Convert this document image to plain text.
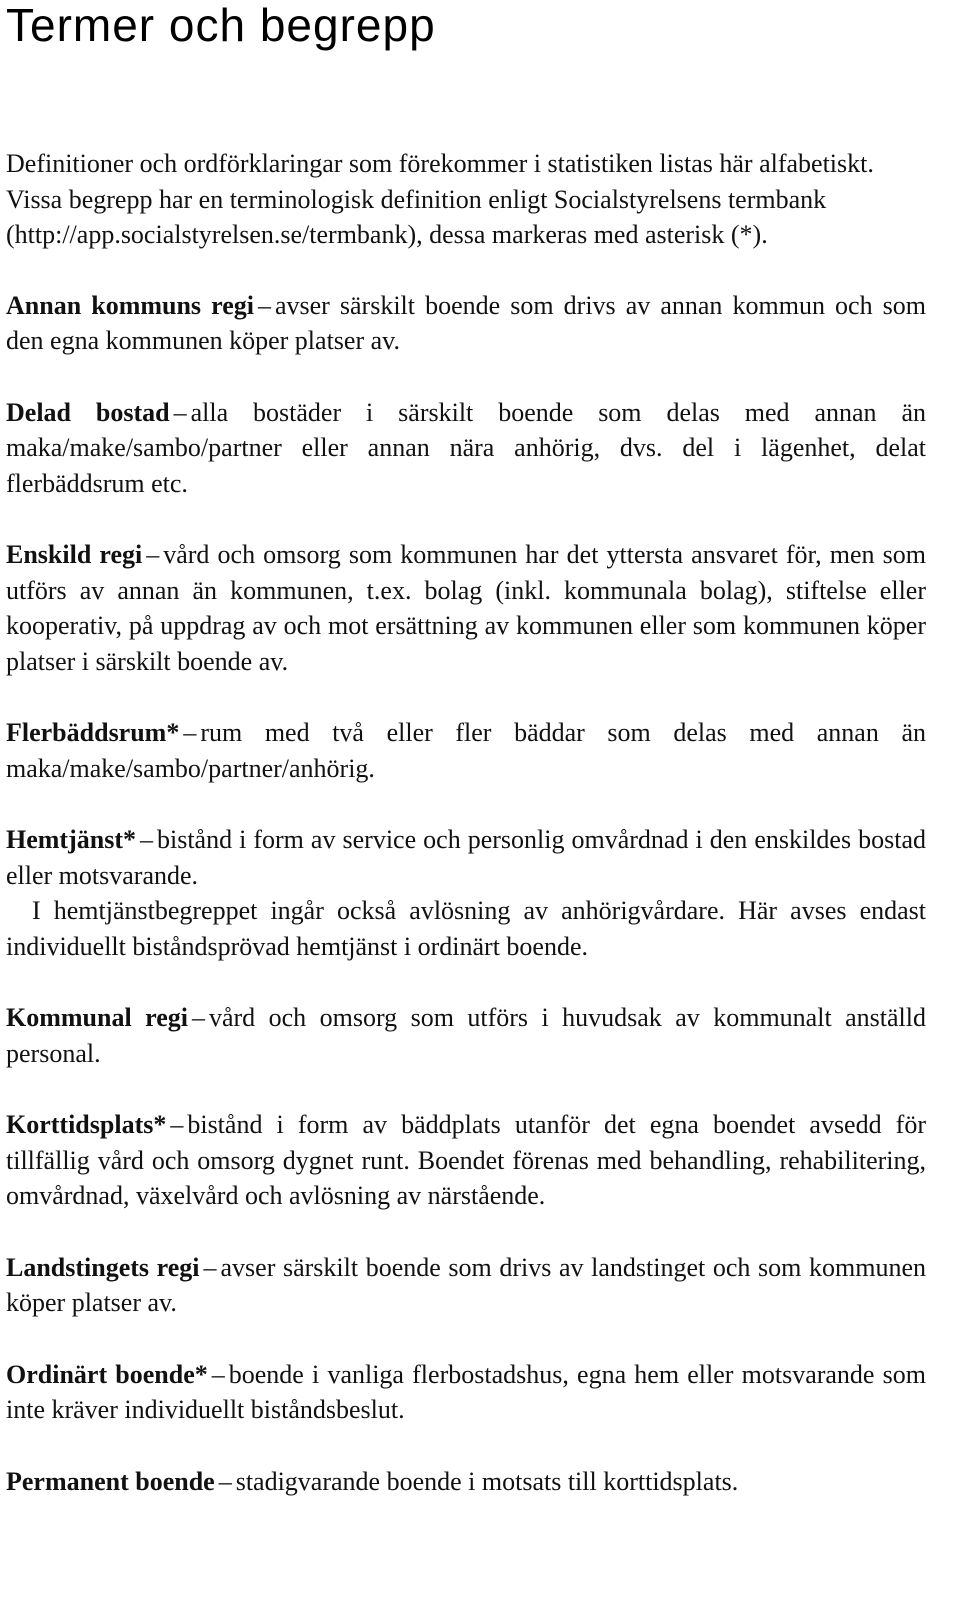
Termer och begrepp

Definitioner och ordförklaringar som förekommer i statistiken listas här alfabetiskt. Vissa begrepp har en terminologisk definition enligt Socialstyrelsens termbank (http://app.socialstyrelsen.se/termbank), dessa markeras med asterisk (*).

Annan kommuns regi – avser särskilt boende som drivs av annan kommun och som den egna kommunen köper platser av.

Delad bostad – alla bostäder i särskilt boende som delas med annan än maka/make/sambo/partner eller annan nära anhörig, dvs. del i lägenhet, delat flerbäddsrum etc.

Enskild regi – vård och omsorg som kommunen har det yttersta ansvaret för, men som utförs av annan än kommunen, t.ex. bolag (inkl. kommunala bolag), stiftelse eller kooperativ, på uppdrag av och mot ersättning av kommunen eller som kommunen köper platser i särskilt boende av.

Flerbäddsrum* – rum med två eller fler bäddar som delas med annan än maka/make/sambo/partner/anhörig.

Hemtjänst* – bistånd i form av service och personlig omvårdnad i den enskildes bostad eller motsvarande.
I hemtjänstbegreppet ingår också avlösning av anhörigvårdare. Här avses endast individuellt biståndsprövad hemtjänst i ordinärt boende.

Kommunal regi – vård och omsorg som utförs i huvudsak av kommunalt anställd personal.

Korttidsplats* – bistånd i form av bäddplats utanför det egna boendet avsedd för tillfällig vård och omsorg dygnet runt. Boendet förenas med behandling, rehabilitering, omvårdnad, växelvård och avlösning av närstående.

Landstingets regi – avser särskilt boende som drivs av landstinget och som kommunen köper platser av.

Ordinärt boende* – boende i vanliga flerbostadshus, egna hem eller motsvarande som inte kräver individuellt biståndsbeslut.

Permanent boende – stadigvarande boende i motsats till korttidsplats.
